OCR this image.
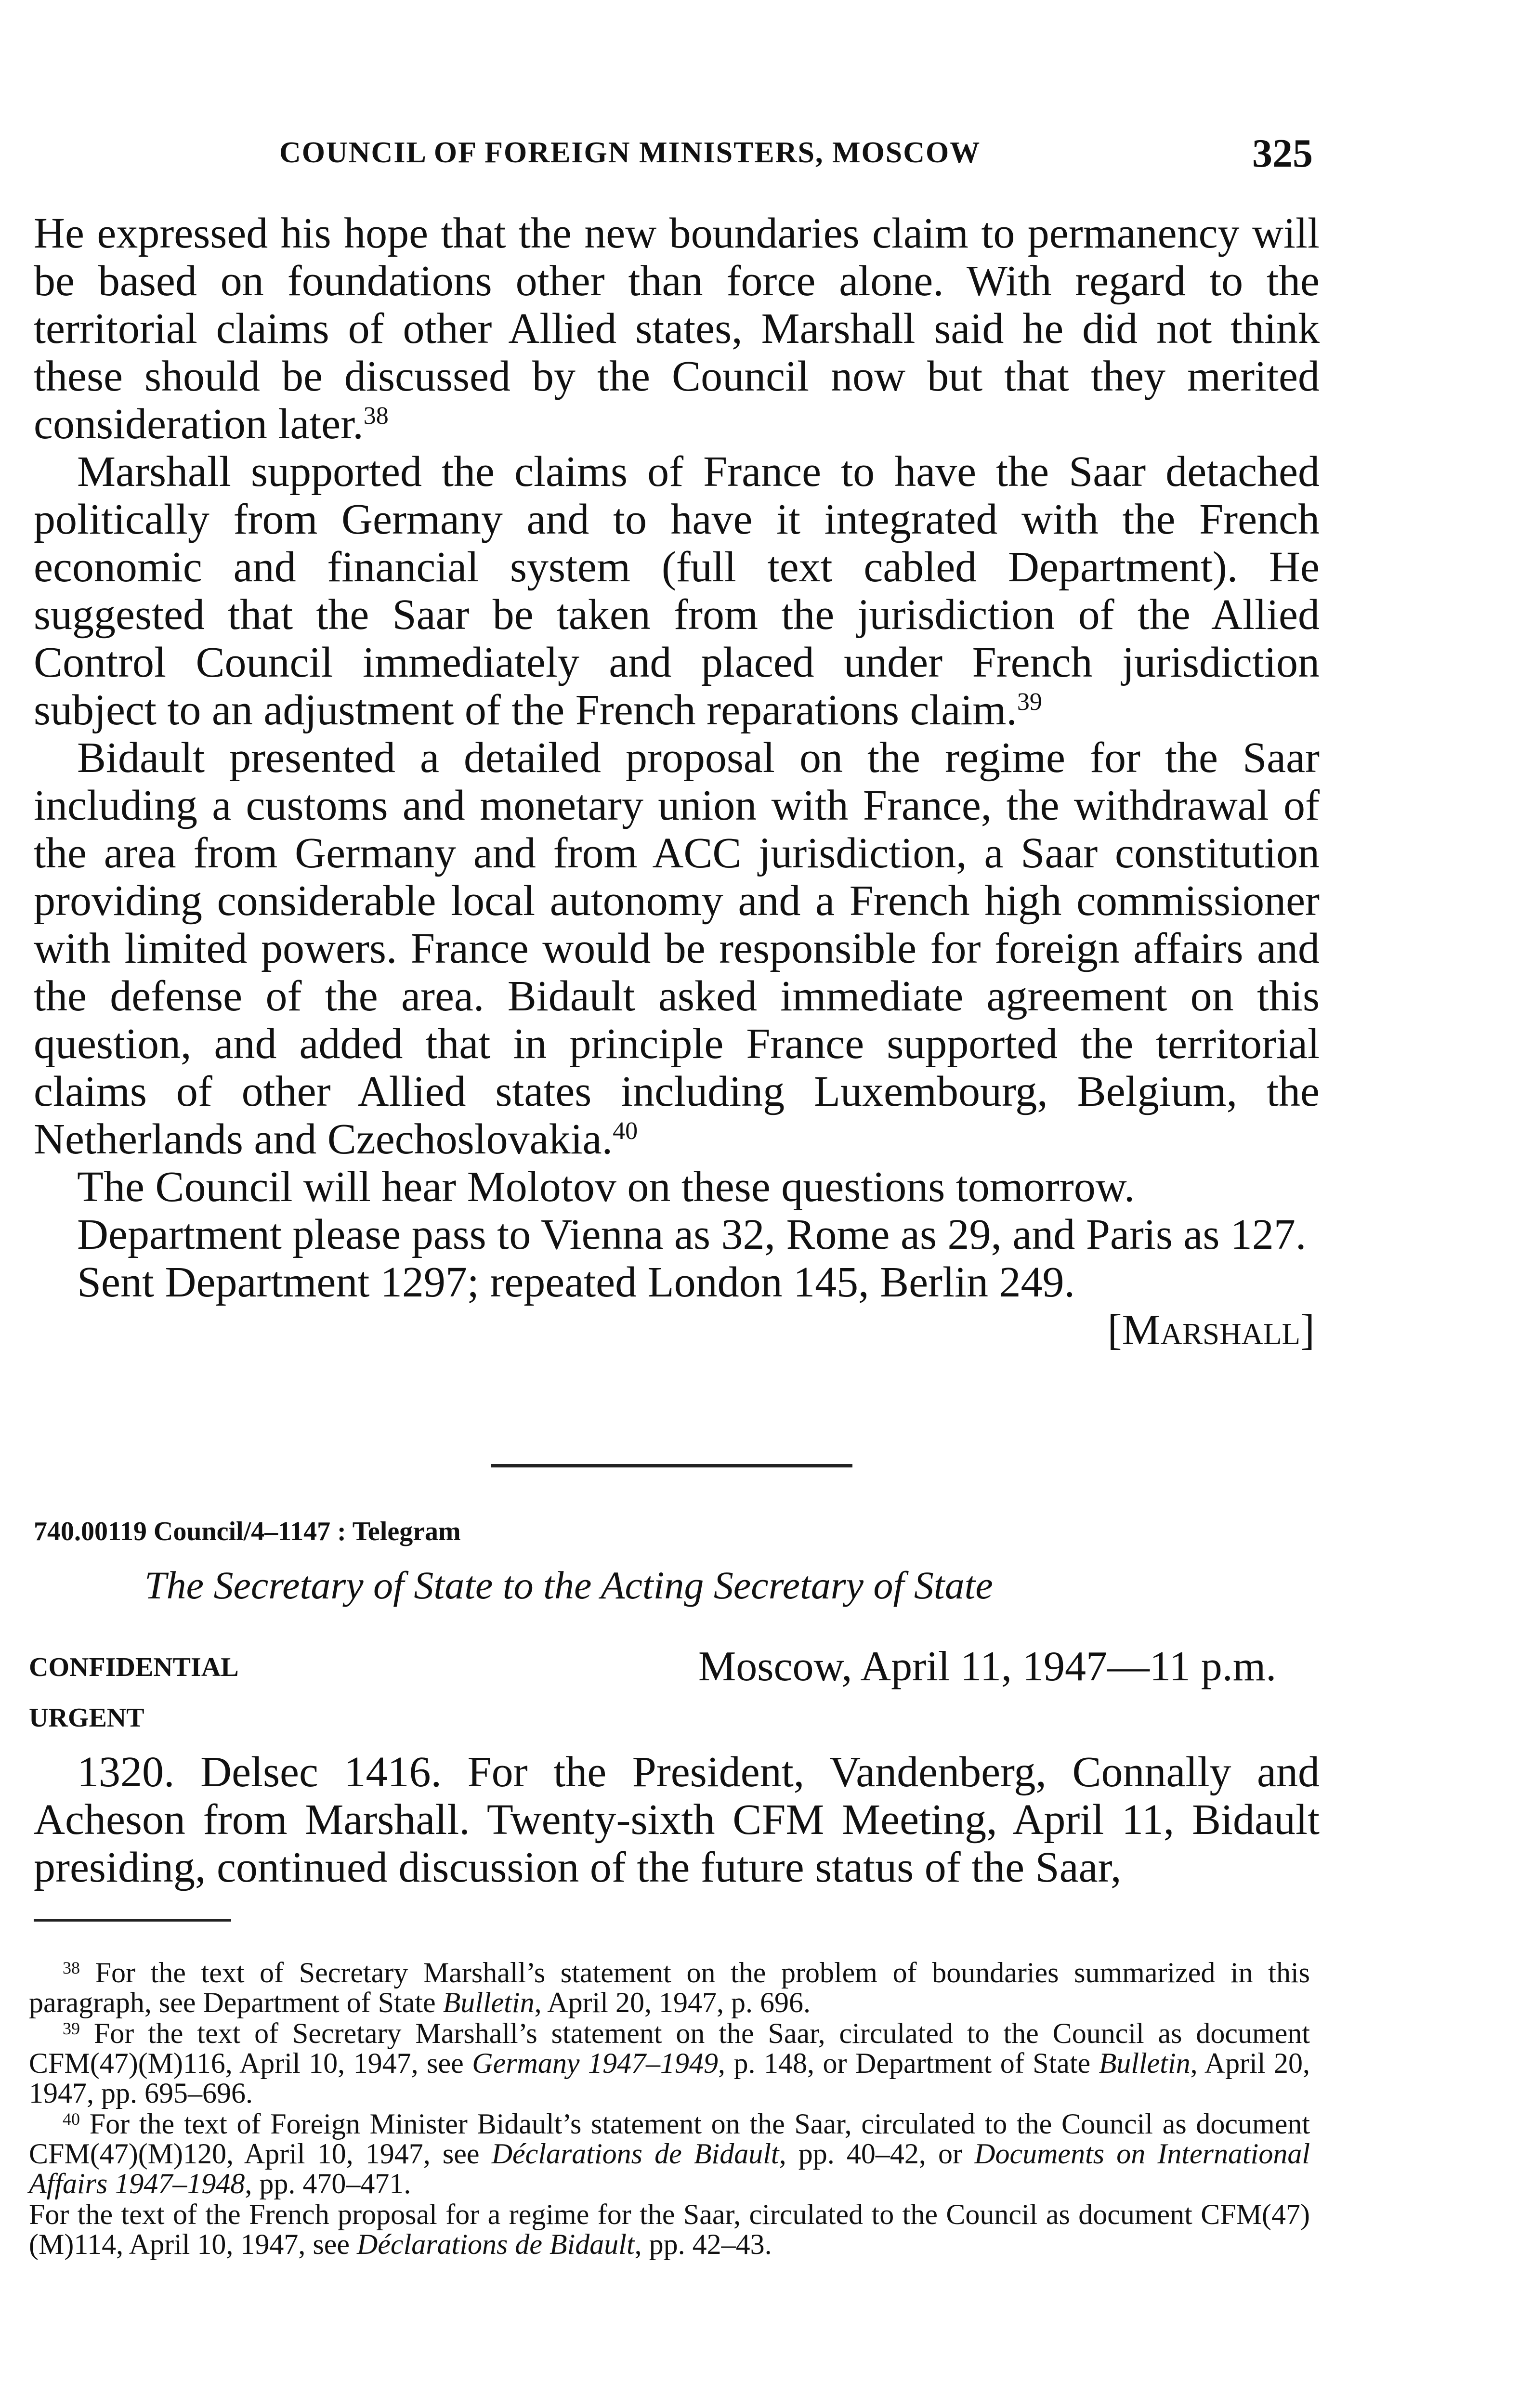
COUNCIL OF FOREIGN MINISTERS, MOSCOW	325

He expressed his hope that the new boundaries claim to permanency will be based on foundations other than force alone. With regard to the territorial claims of other Allied states, Marshall said he did not think these should be discussed by the Council now but that they merited consideration later.$^{38}$

Marshall supported the claims of France to have the Saar detached politically from Germany and to have it integrated with the French economic and financial system (full text cabled Department). He suggested that the Saar be taken from the jurisdiction of the Allied Control Council immediately and placed under French jurisdiction subject to an adjustment of the French reparations claim.$^{39}$

Bidault presented a detailed proposal on the regime for the Saar including a customs and monetary union with France, the withdrawal of the area from Germany and from ACC jurisdiction, a Saar constitution providing considerable local autonomy and a French high commissioner with limited powers. France would be responsible for foreign affairs and the defense of the area. Bidault asked immediate agreement on this question, and added that in principle France supported the territorial claims of other Allied states including Luxembourg, Belgium, the Netherlands and Czechoslovakia.$^{40}$

The Council will hear Molotov on these questions tomorrow.

Department please pass to Vienna as 32, Rome as 29, and Paris as 127.

Sent Department 1297; repeated London 145, Berlin 249.

[Marshall]

740.00119 Council/4–1147 : Telegram
The Secretary of State to the Acting Secretary of State
CONFIDENTIAL
URGENT
Moscow, April 11, 1947—11 p.m.

1320. Delsec 1416. For the President, Vandenberg, Connally and Acheson from Marshall. Twenty-sixth CFM Meeting, April 11, Bidault presiding, continued discussion of the future status of the Saar,

$^{38}$ For the text of Secretary Marshall’s statement on the problem of boundaries summarized in this paragraph, see Department of State Bulletin, April 20, 1947, p. 696.

$^{39}$ For the text of Secretary Marshall’s statement on the Saar, circulated to the Council as document CFM(47)(M)116, April 10, 1947, see Germany 1947–1949, p. 148, or Department of State Bulletin, April 20, 1947, pp. 695–696.

$^{40}$ For the text of Foreign Minister Bidault’s statement on the Saar, circulated to the Council as document CFM(47)(M)120, April 10, 1947, see Déclarations de Bidault, pp. 40–42, or Documents on International Affairs 1947–1948, pp. 470–471.

For the text of the French proposal for a regime for the Saar, circulated to the Council as document CFM(47)(M)114, April 10, 1947, see Déclarations de Bidault, pp. 42–43.
